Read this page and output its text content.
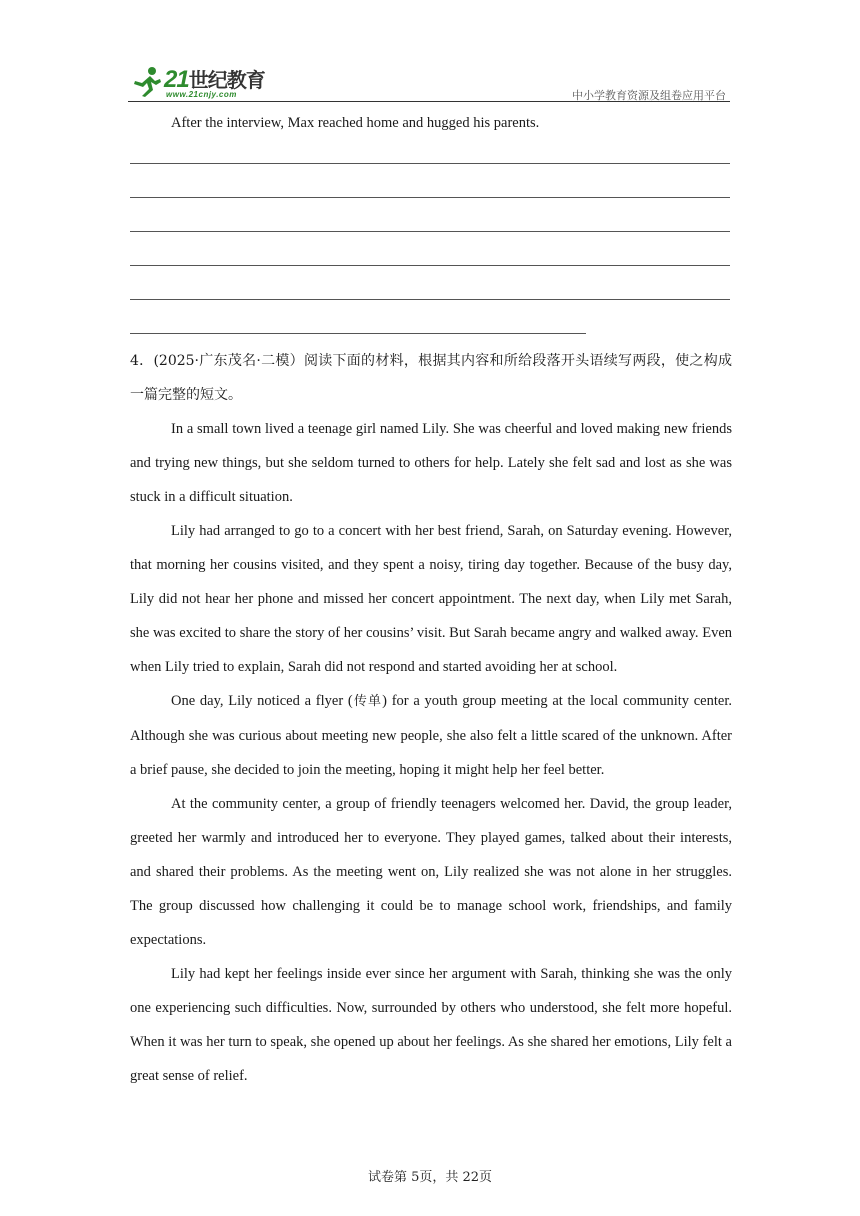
21世纪教育
www.21cnjy.com	中小学教育资源及组卷应用平台

After the interview, Max reached home and hugged his parents.

4．(2025·广东茂名·二模）阅读下面的材料，根据其内容和所给段落开头语续写两段，使之构成一篇完整的短文。

In a small town lived a teenage girl named Lily. She was cheerful and loved making new friends and trying new things, but she seldom turned to others for help. Lately she felt sad and lost as she was stuck in a difficult situation.

Lily had arranged to go to a concert with her best friend, Sarah, on Saturday evening. However, that morning her cousins visited, and they spent a noisy, tiring day together. Because of the busy day, Lily did not hear her phone and missed her concert appointment. The next day, when Lily met Sarah, she was excited to share the story of her cousins’ visit. But Sarah became angry and walked away. Even when Lily tried to explain, Sarah did not respond and started avoiding her at school.

One day, Lily noticed a flyer (传单) for a youth group meeting at the local community center. Although she was curious about meeting new people, she also felt a little scared of the unknown. After a brief pause, she decided to join the meeting, hoping it might help her feel better.

At the community center, a group of friendly teenagers welcomed her. David, the group leader, greeted her warmly and introduced her to everyone. They played games, talked about their interests, and shared their problems. As the meeting went on, Lily realized she was not alone in her struggles. The group discussed how challenging it could be to manage school work, friendships, and family expectations.

Lily had kept her feelings inside ever since her argument with Sarah, thinking she was the only one experiencing such difficulties. Now, surrounded by others who understood, she felt more hopeful. When it was her turn to speak, she opened up about her feelings. As she shared her emotions, Lily felt a great sense of relief.

试卷第 5页，共 22页
